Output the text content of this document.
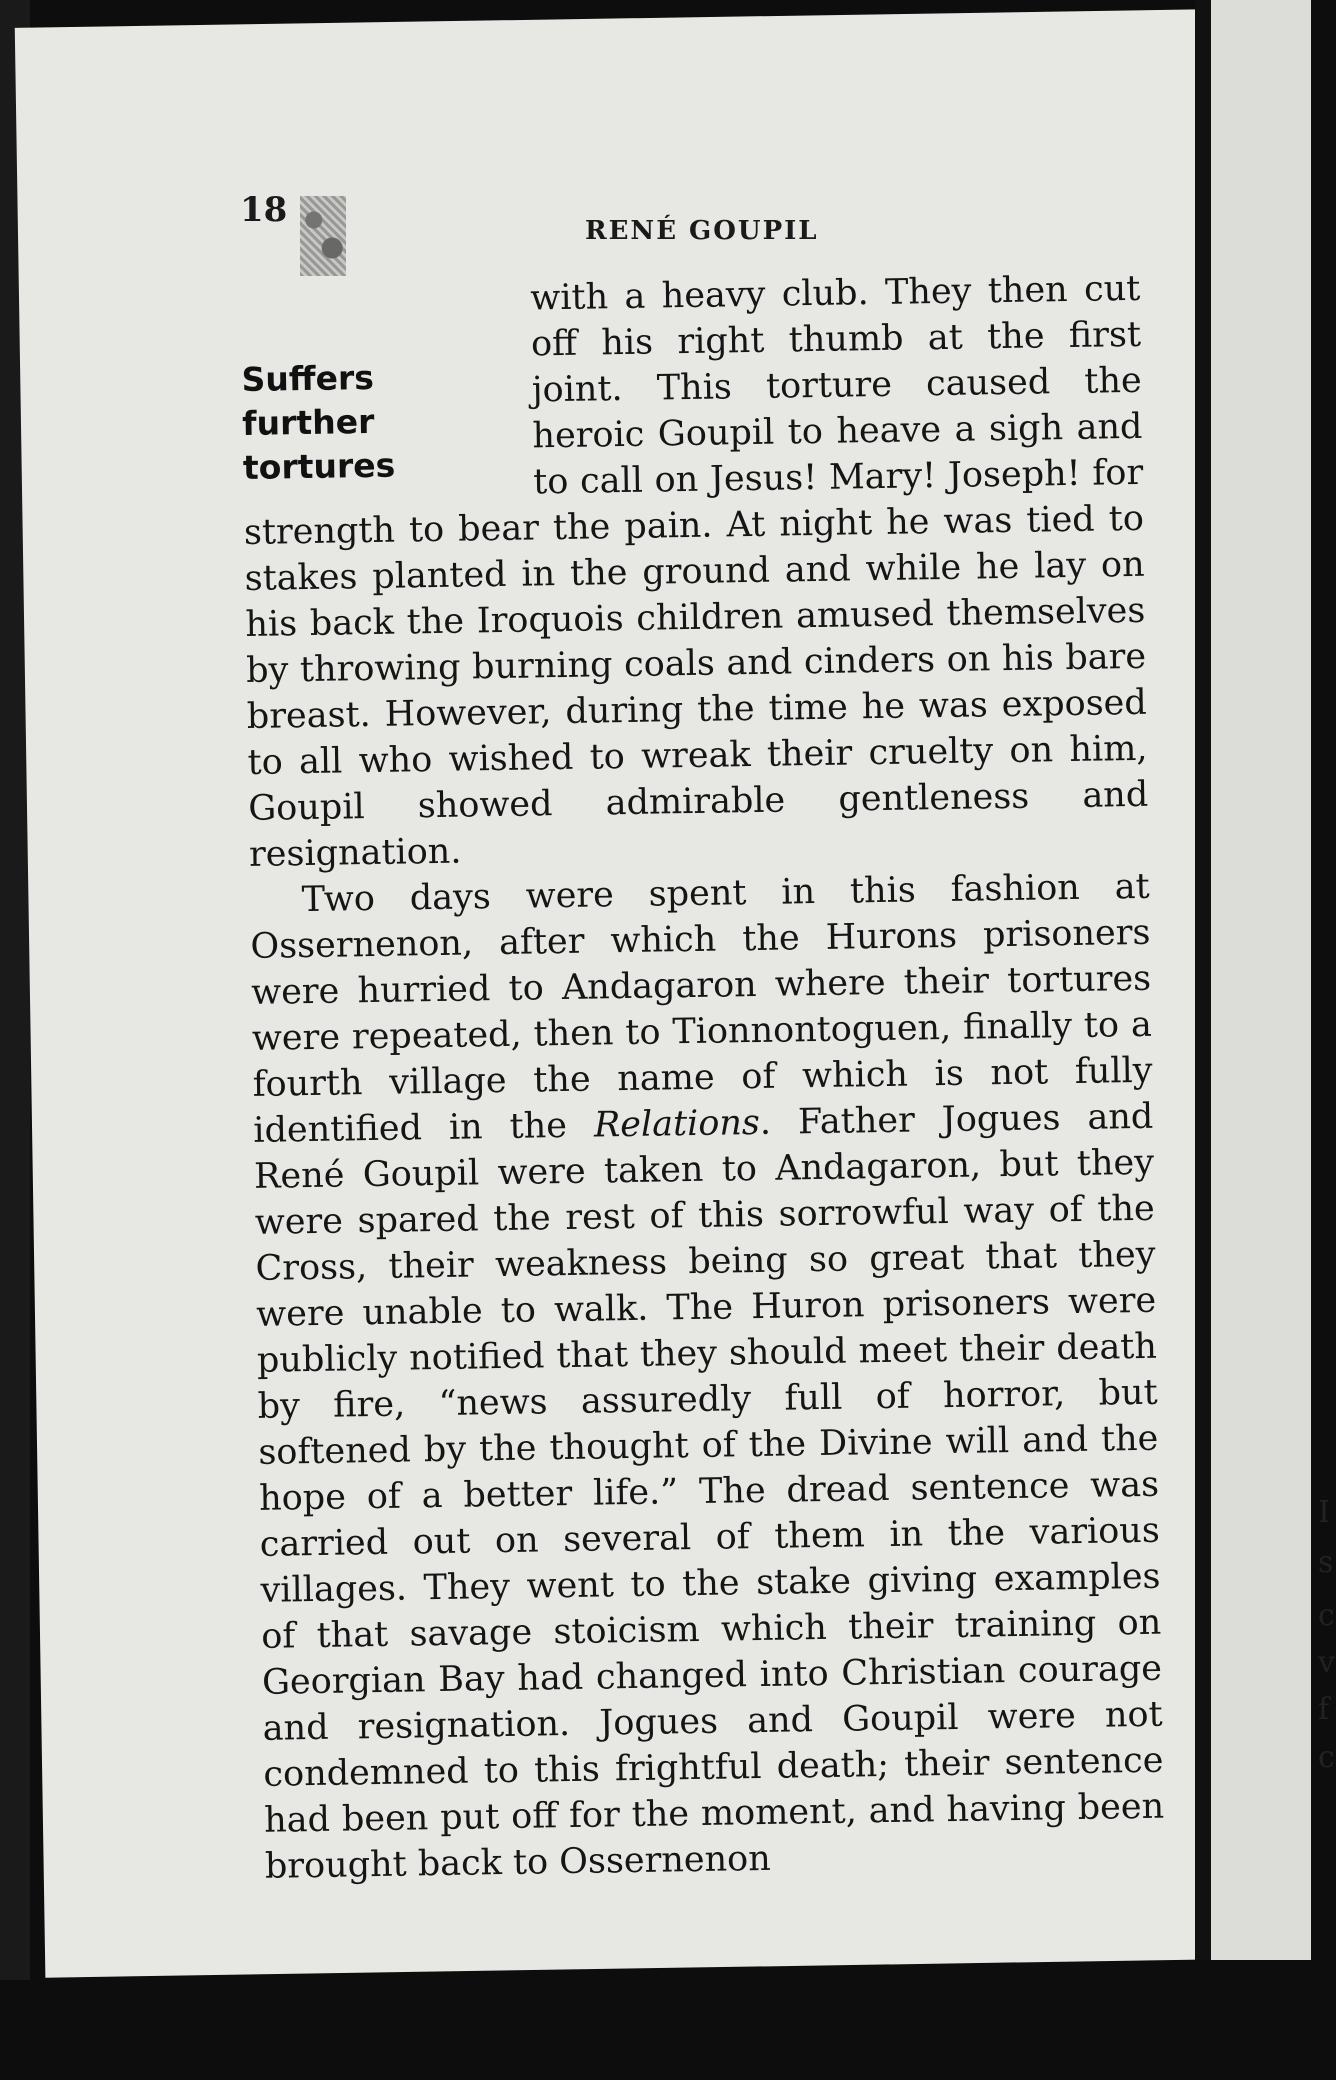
I
s
c
v
f
c
18
RENÉ GOUPIL
Suffers further
tortures

with a heavy club. They then cut off his right thumb at the first joint. This torture caused the heroic Goupil to heave a sigh and to call on Jesus! Mary! Joseph! for strength to bear the pain. At night he was tied to stakes planted in the ground and while he lay on his back the Iroquois children amused themselves by throwing burning coals and cinders on his bare breast. However, during the time he was exposed to all who wished to wreak their cruelty on him, Goupil showed admirable gentleness and resignation.

Two days were spent in this fashion at Ossernenon, after which the Hurons prisoners were hurried to Andagaron where their tortures were repeated, then to Tionnontoguen, finally to a fourth village the name of which is not fully identified in the Relations. Father Jogues and René Goupil were taken to Andagaron, but they were spared the rest of this sorrowful way of the Cross, their weakness being so great that they were unable to walk. The Huron prisoners were publicly notified that they should meet their death by fire, “news assuredly full of horror, but softened by the thought of the Divine will and the hope of a better life.” The dread sentence was carried out on several of them in the various villages. They went to the stake giving examples of that savage stoicism which their training on Georgian Bay had changed into Christian courage and resignation. Jogues and Goupil were not condemned to this frightful death; their sentence had been put off for the moment, and having been brought back to Ossernenon
